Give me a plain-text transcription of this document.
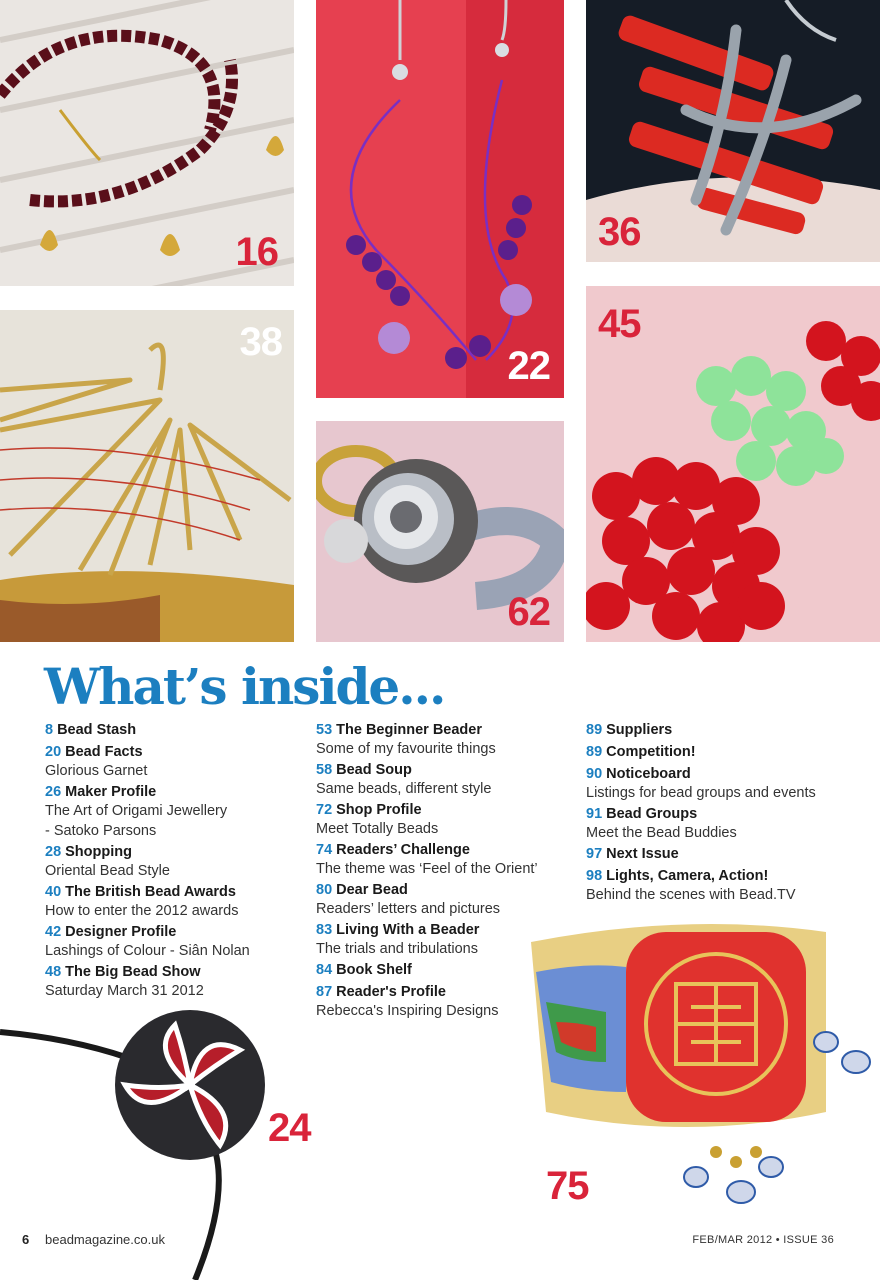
16
22
36
38
62
45
24
75
What’s inside...
8 Bead Stash
20 Bead Facts
Glorious Garnet
26 Maker Profile
The Art of Origami Jewellery
- Satoko Parsons
28 Shopping
Oriental Bead Style
40 The British Bead Awards
How to enter the 2012 awards
42 Designer Profile
Lashings of Colour - Siân Nolan
48 The Big Bead Show
Saturday March 31 2012
53 The Beginner Beader
Some of my favourite things
58 Bead Soup
Same beads, different style
72 Shop Profile
Meet Totally Beads
74 Readers’ Challenge
The theme was ‘Feel of the Orient’
80 Dear Bead
Readers’ letters and pictures
83 Living With a Beader
The trials and tribulations
84 Book Shelf
87 Reader's Profile
Rebecca's Inspiring Designs
89 Suppliers
89 Competition!
90 Noticeboard
Listings for bead groups and events
91 Bead Groups
Meet the Bead Buddies
97 Next Issue
98 Lights, Camera, Action!
Behind the scenes with Bead.TV
6 beadmagazine.co.uk	FEB/MAR 2012 • ISSUE 36
